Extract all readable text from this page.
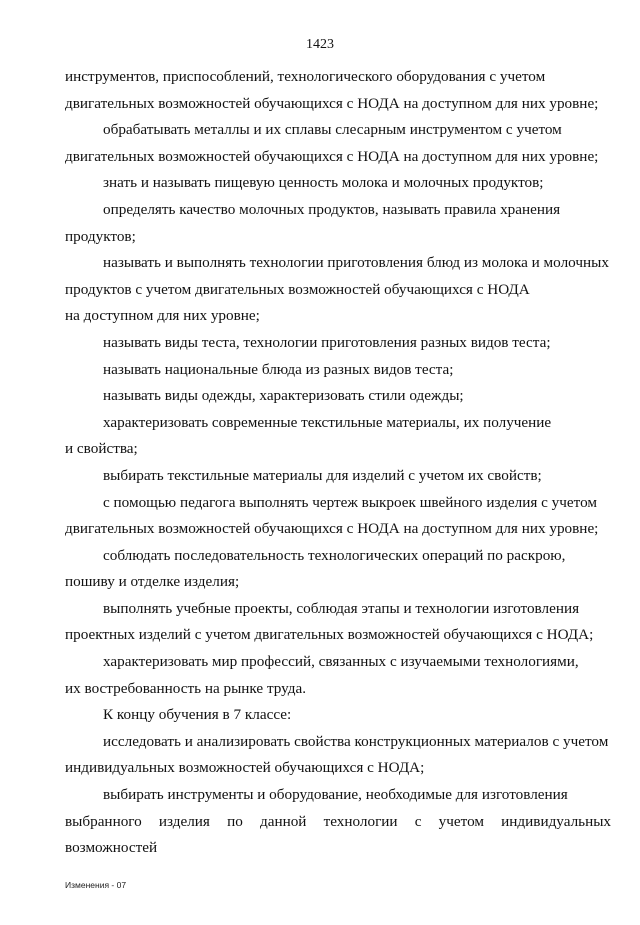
1423

инструментов, приспособлений, технологического оборудования с учетом
двигательных возможностей обучающихся с НОДА на доступном для них уровне;

обрабатывать металлы и их сплавы слесарным инструментом с учетом
двигательных возможностей обучающихся с НОДА на доступном для них уровне;

знать и называть пищевую ценность молока и молочных продуктов;

определять качество молочных продуктов, называть правила хранения
продуктов;

называть и выполнять технологии приготовления блюд из молока и молочных
продуктов с учетом двигательных возможностей обучающихся с НОДА
на доступном для них уровне;

называть виды теста, технологии приготовления разных видов теста;

называть национальные блюда из разных видов теста;

называть виды одежды, характеризовать стили одежды;

характеризовать современные текстильные материалы, их получение
и свойства;

выбирать текстильные материалы для изделий с учетом их свойств;

с помощью педагога выполнять чертеж выкроек швейного изделия с учетом
двигательных возможностей обучающихся с НОДА на доступном для них уровне;

соблюдать последовательность технологических операций по раскрою,
пошиву и отделке изделия;

выполнять учебные проекты, соблюдая этапы и технологии изготовления
проектных изделий с учетом двигательных возможностей обучающихся с НОДА;

характеризовать мир профессий, связанных с изучаемыми технологиями,
их востребованность на рынке труда.

К концу обучения в 7 классе:

исследовать и анализировать свойства конструкционных материалов с учетом
индивидуальных возможностей обучающихся с НОДА;

выбирать инструменты и оборудование, необходимые для изготовления
выбранного изделия по данной технологии с учетом индивидуальных возможностей

Изменения - 07
